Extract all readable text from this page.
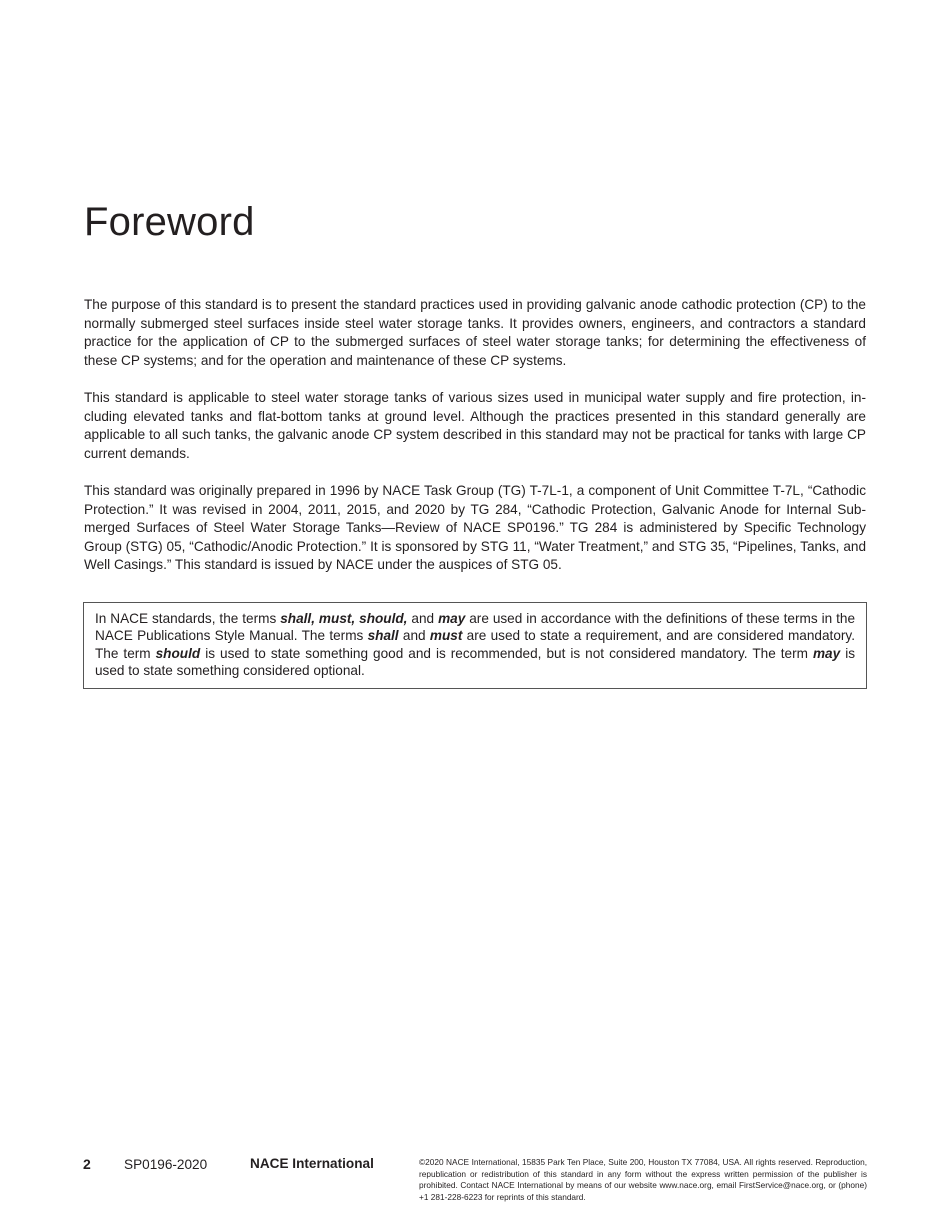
Foreword

The purpose of this standard is to present the standard practices used in providing galvanic anode cathodic protection (CP) to the normally submerged steel surfaces inside steel water storage tanks. It provides owners, engineers, and contractors a standard practice for the application of CP to the submerged surfaces of steel water storage tanks; for determining the effectiveness of these CP systems; and for the operation and maintenance of these CP systems.

This standard is applicable to steel water storage tanks of various sizes used in municipal water supply and fire protection, including elevated tanks and flat-bottom tanks at ground level. Although the practices presented in this standard generally are applicable to all such tanks, the galvanic anode CP system described in this standard may not be practical for tanks with large CP current demands.

This standard was originally prepared in 1996 by NACE Task Group (TG) T-7L-1, a component of Unit Committee T-7L, “Cathodic Protection.” It was revised in 2004, 2011, 2015, and 2020 by TG 284, “Cathodic Protection, Galvanic Anode for Internal Submerged Surfaces of Steel Water Storage Tanks—Review of NACE SP0196.” TG 284 is administered by Specific Technology Group (STG) 05, “Cathodic/Anodic Protection.” It is sponsored by STG 11, “Water Treatment,” and STG 35, “Pipelines, Tanks, and Well Casings.” This standard is issued by NACE under the auspices of STG 05.

In NACE standards, the terms shall, must, should, and may are used in accordance with the definitions of these terms in the NACE Publications Style Manual. The terms shall and must are used to state a requirement, and are considered mandatory. The term should is used to state something good and is recommended, but is not considered mandatory. The term may is used to state something considered optional.
2 SP0196-2020	NACE International	©2020 NACE International, 15835 Park Ten Place, Suite 200, Houston TX 77084, USA. All rights reserved. Reproduction, republication or redistribution of this standard in any form without the express written permission of the publisher is prohibited. Contact NACE International by means of our website www.nace.org, email FirstService@nace.org, or (phone) +1 281-228-6223 for reprints of this standard.
